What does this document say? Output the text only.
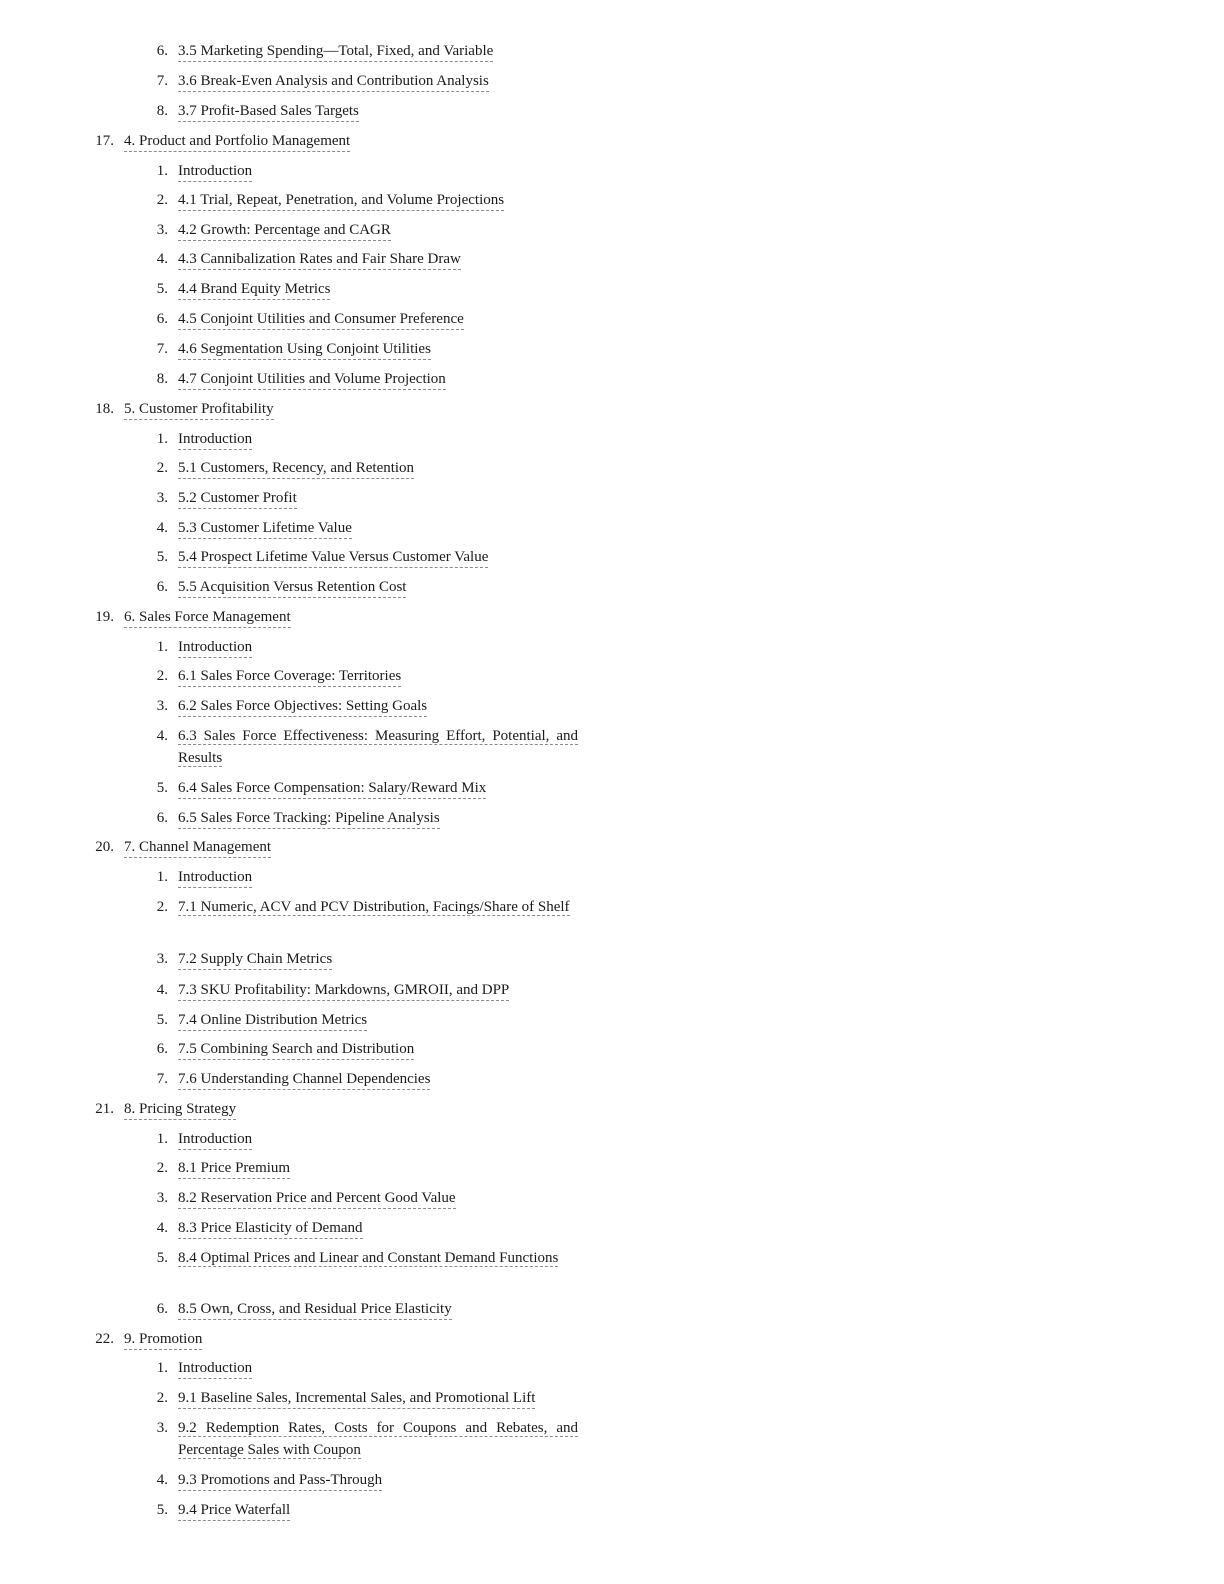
6. 3.5 Marketing Spending—Total, Fixed, and Variable
7. 3.6 Break-Even Analysis and Contribution Analysis
8. 3.7 Profit-Based Sales Targets
17. 4. Product and Portfolio Management
1. Introduction
2. 4.1 Trial, Repeat, Penetration, and Volume Projections
3. 4.2 Growth: Percentage and CAGR
4. 4.3 Cannibalization Rates and Fair Share Draw
5. 4.4 Brand Equity Metrics
6. 4.5 Conjoint Utilities and Consumer Preference
7. 4.6 Segmentation Using Conjoint Utilities
8. 4.7 Conjoint Utilities and Volume Projection
18. 5. Customer Profitability
1. Introduction
2. 5.1 Customers, Recency, and Retention
3. 5.2 Customer Profit
4. 5.3 Customer Lifetime Value
5. 5.4 Prospect Lifetime Value Versus Customer Value
6. 5.5 Acquisition Versus Retention Cost
19. 6. Sales Force Management
1. Introduction
2. 6.1 Sales Force Coverage: Territories
3. 6.2 Sales Force Objectives: Setting Goals
4. 6.3 Sales Force Effectiveness: Measuring Effort, Potential, and Results
5. 6.4 Sales Force Compensation: Salary/Reward Mix
6. 6.5 Sales Force Tracking: Pipeline Analysis
20. 7. Channel Management
1. Introduction
2. 7.1 Numeric, ACV and PCV Distribution, Facings/Share of Shelf
3. 7.2 Supply Chain Metrics
4. 7.3 SKU Profitability: Markdowns, GMROII, and DPP
5. 7.4 Online Distribution Metrics
6. 7.5 Combining Search and Distribution
7. 7.6 Understanding Channel Dependencies
21. 8. Pricing Strategy
1. Introduction
2. 8.1 Price Premium
3. 8.2 Reservation Price and Percent Good Value
4. 8.3 Price Elasticity of Demand
5. 8.4 Optimal Prices and Linear and Constant Demand Functions
6. 8.5 Own, Cross, and Residual Price Elasticity
22. 9. Promotion
1. Introduction
2. 9.1 Baseline Sales, Incremental Sales, and Promotional Lift
3. 9.2 Redemption Rates, Costs for Coupons and Rebates, and Percentage Sales with Coupon
4. 9.3 Promotions and Pass-Through
5. 9.4 Price Waterfall
